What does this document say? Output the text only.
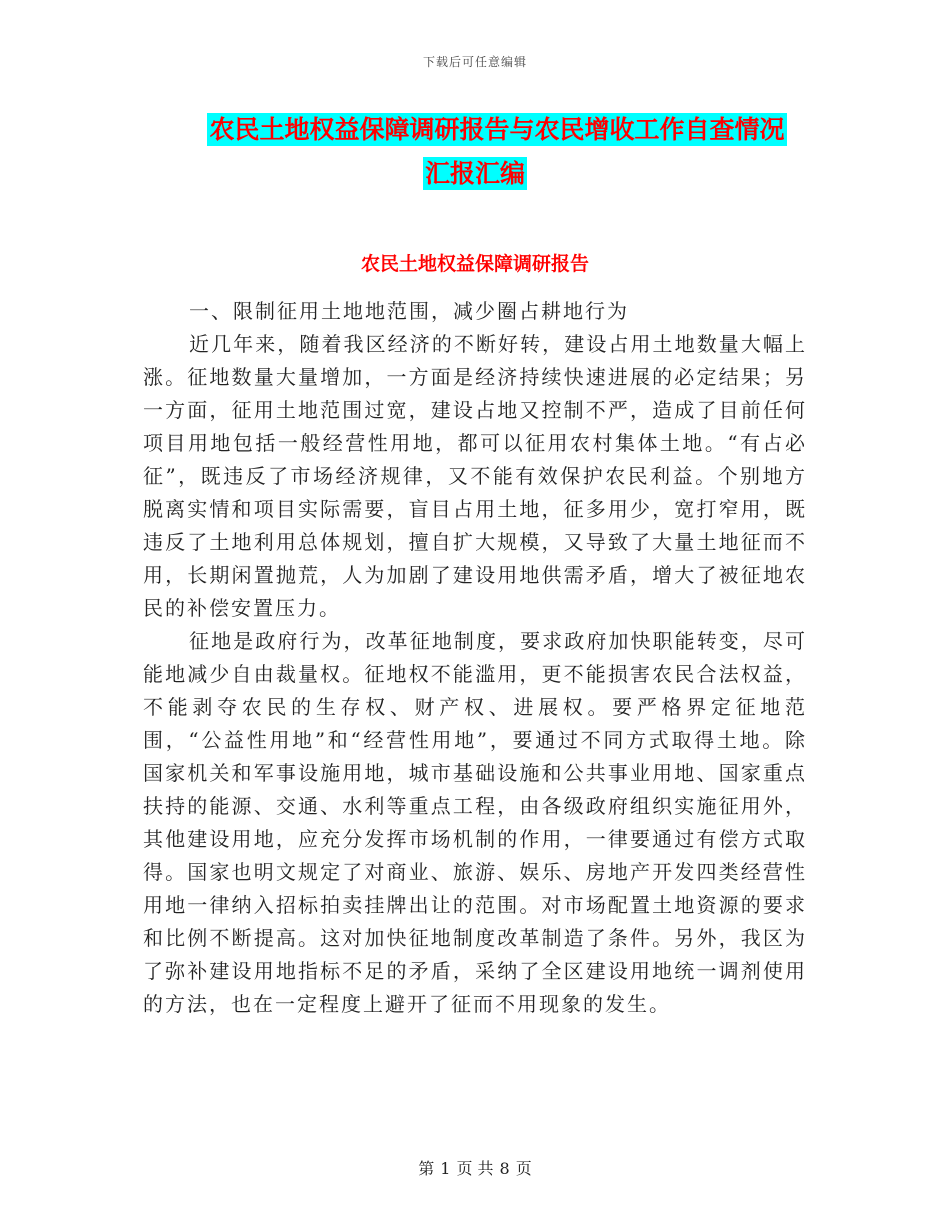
下载后可任意编辑
农民土地权益保障调研报告与农民增收工作自查情况
汇报汇编
农民土地权益保障调研报告

一、限制征用土地地范围，减少圈占耕地行为

近几年来，随着我区经济的不断好转，建设占用土地数量大幅上涨。征地数量大量增加，一方面是经济持续快速进展的必定结果；另一方面，征用土地范围过宽，建设占地又控制不严，造成了目前任何项目用地包括一般经营性用地，都可以征用农村集体土地。“有占必征”，既违反了市场经济规律，又不能有效保护农民利益。个别地方脱离实情和项目实际需要，盲目占用土地，征多用少，宽打窄用，既违反了土地利用总体规划，擅自扩大规模，又导致了大量土地征而不用，长期闲置抛荒，人为加剧了建设用地供需矛盾，增大了被征地农民的补偿安置压力。

征地是政府行为，改革征地制度，要求政府加快职能转变，尽可能地减少自由裁量权。征地权不能滥用，更不能损害农民合法权益，不能剥夺农民的生存权、财产权、进展权。要严格界定征地范围，“公益性用地”和“经营性用地”，要通过不同方式取得土地。除国家机关和军事设施用地，城市基础设施和公共事业用地、国家重点扶持的能源、交通、水利等重点工程，由各级政府组织实施征用外，其他建设用地，应充分发挥市场机制的作用，一律要通过有偿方式取得。国家也明文规定了对商业、旅游、娱乐、房地产开发四类经营性用地一律纳入招标拍卖挂牌出让的范围。对市场配置土地资源的要求和比例不断提高。这对加快征地制度改革制造了条件。另外，我区为了弥补建设用地指标不足的矛盾，采纳了全区建设用地统一调剂使用的方法，也在一定程度上避开了征而不用现象的发生。

第 1 页 共 8 页
